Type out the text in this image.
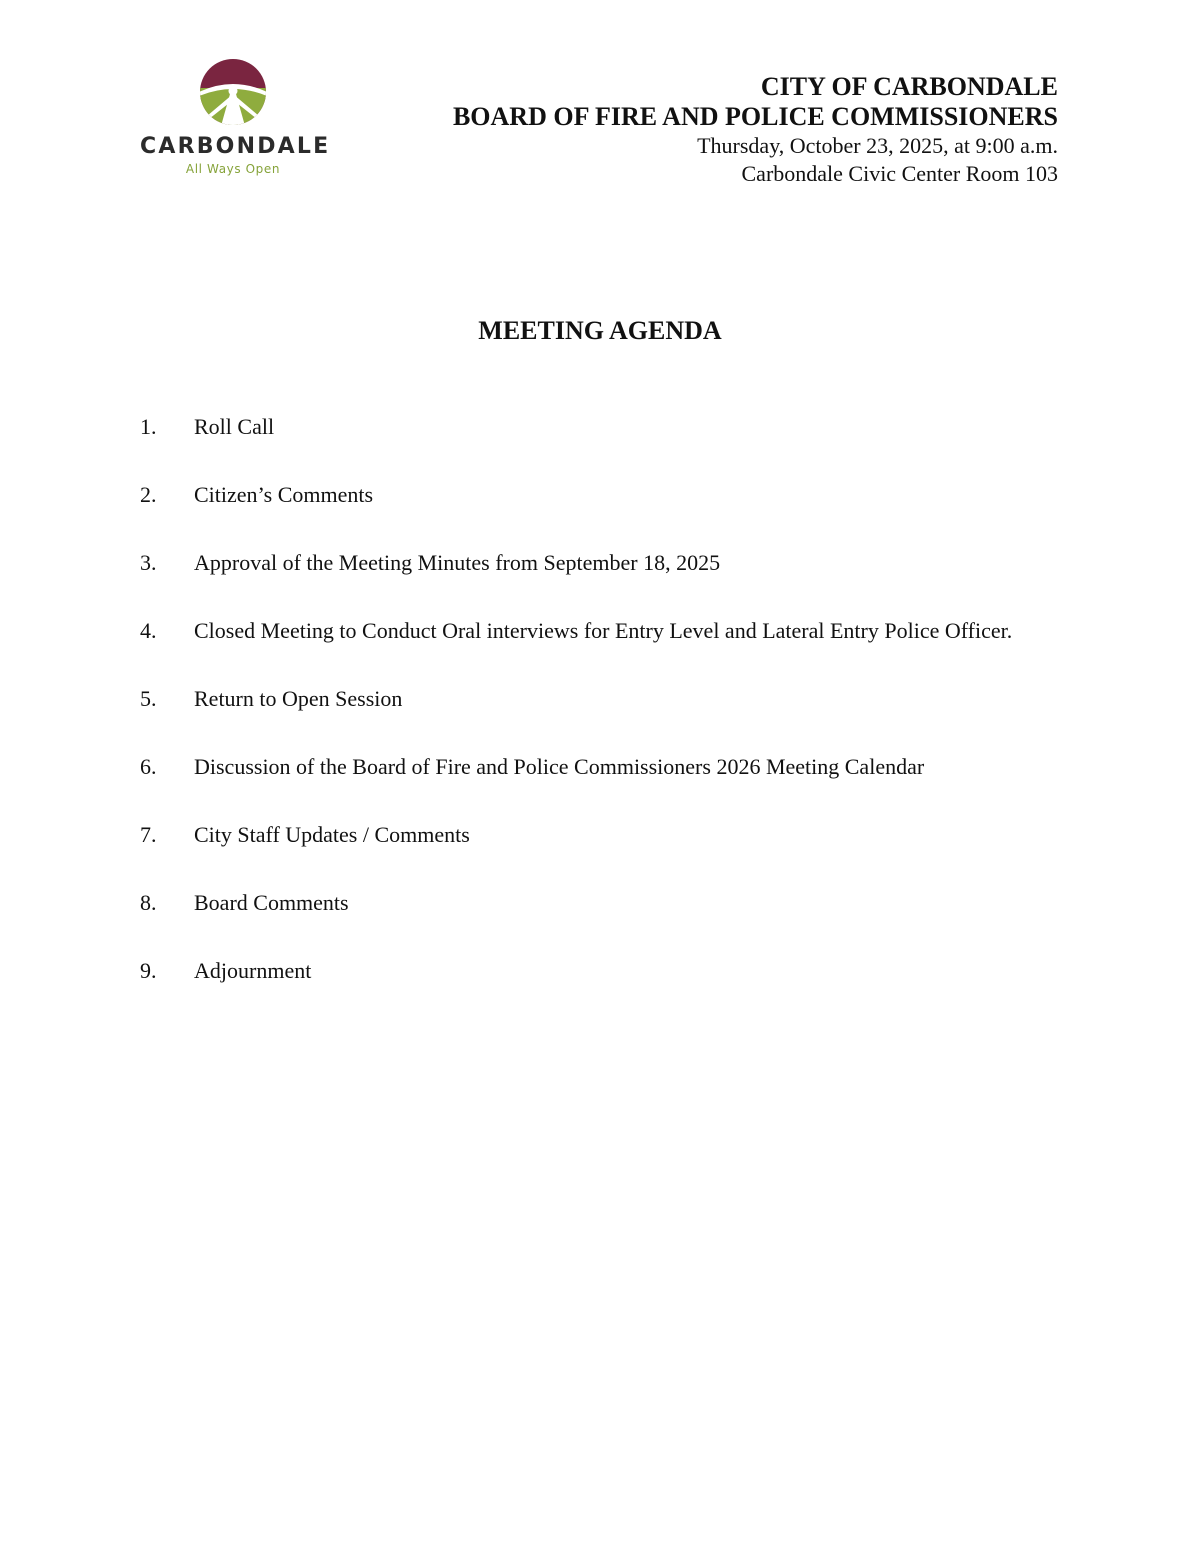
CARBONDALE
All Ways Open
CITY OF CARBONDALE
BOARD OF FIRE AND POLICE COMMISSIONERS
Thursday, October 23, 2025, at 9:00 a.m.
Carbondale Civic Center Room 103
MEETING AGENDA
1.	Roll Call
2.	Citizen’s Comments
3.	Approval of the Meeting Minutes from September 18, 2025
4.	Closed Meeting to Conduct Oral interviews for Entry Level and Lateral Entry Police Officer.
5.	Return to Open Session
6.	Discussion of the Board of Fire and Police Commissioners 2026 Meeting Calendar
7.	City Staff Updates / Comments
8.	Board Comments
9.	Adjournment
